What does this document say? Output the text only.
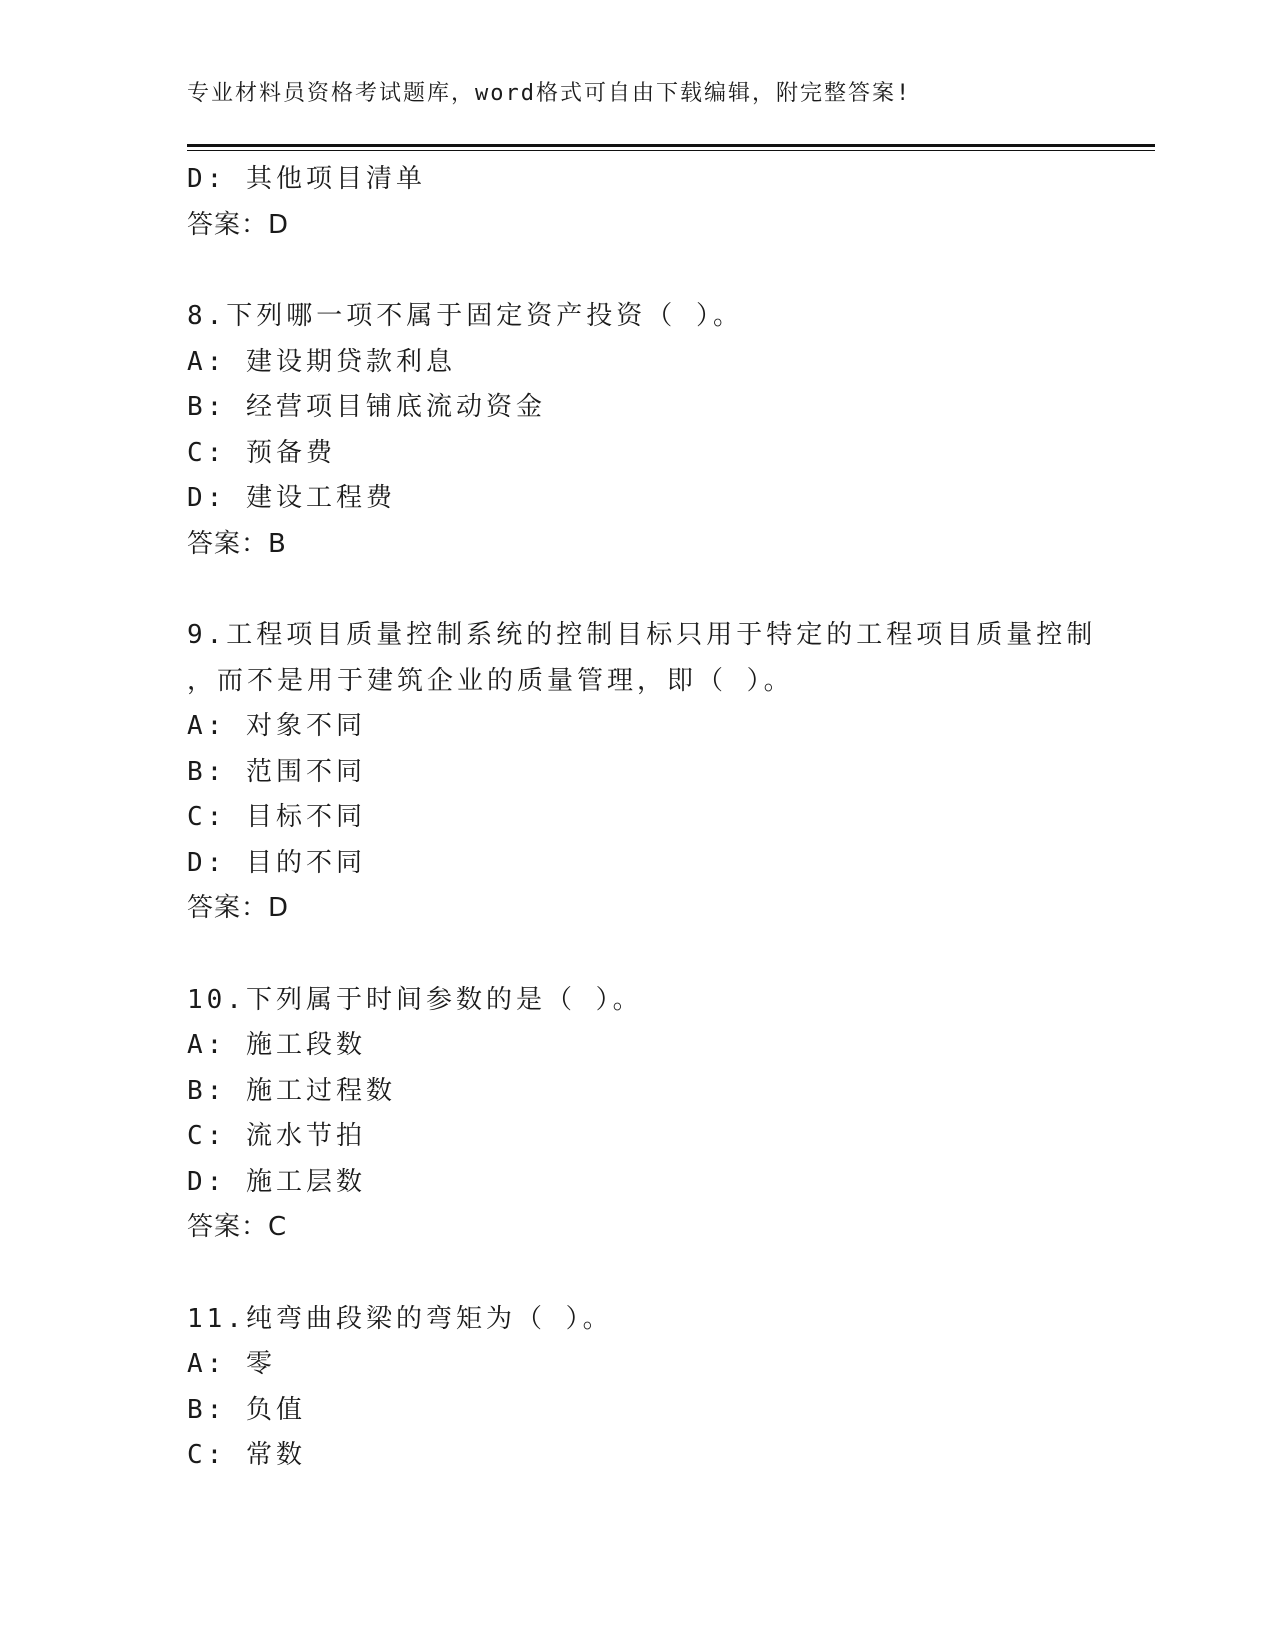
专业材料员资格考试题库，word格式可自由下载编辑，附完整答案!
D: 其他项目清单
答案：D
8.下列哪一项不属于固定资产投资（ ）。
A: 建设期贷款利息
B: 经营项目铺底流动资金
C: 预备费
D: 建设工程费
答案：B
9.工程项目质量控制系统的控制目标只用于特定的工程项目质量控制
，而不是用于建筑企业的质量管理，即（ ）。
A: 对象不同
B: 范围不同
C: 目标不同
D: 目的不同
答案：D
10.下列属于时间参数的是（ ）。
A: 施工段数
B: 施工过程数
C: 流水节拍
D: 施工层数
答案：C
11.纯弯曲段梁的弯矩为（ ）。
A: 零
B: 负值
C: 常数
